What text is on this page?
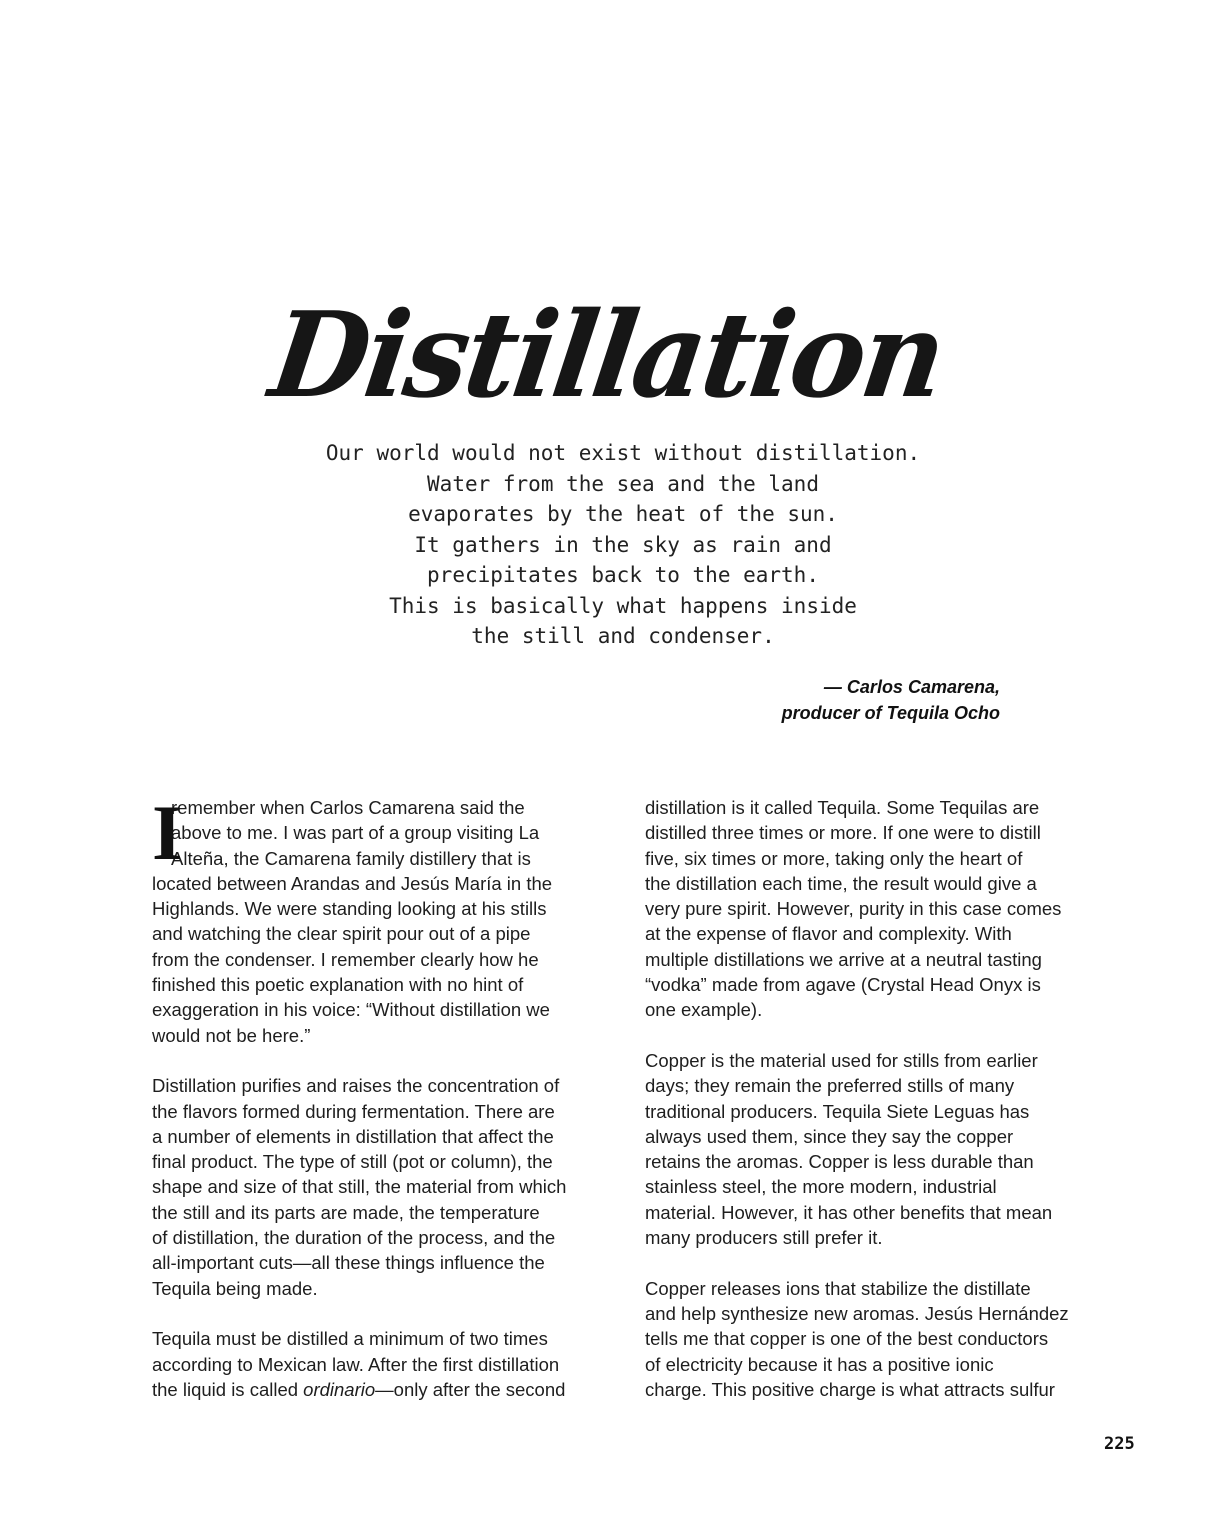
Distillation
Our world would not exist without distillation.
Water from the sea and the land
evaporates by the heat of the sun.
It gathers in the sky as rain and
precipitates back to the earth.
This is basically what happens inside
the still and condenser.
— Carlos Camarena,
producer of Tequila Ocho
I
remember when Carlos Camarena said the
above to me. I was part of a group visiting La
Alteña, the Camarena family distillery that is
located between Arandas and Jesús María in the
Highlands. We were standing looking at his stills
and watching the clear spirit pour out of a pipe
from the condenser. I remember clearly how he
finished this poetic explanation with no hint of
exaggeration in his voice: “Without distillation we
would not be here.”
Distillation purifies and raises the concentration of
the flavors formed during fermentation. There are
a number of elements in distillation that affect the
final product. The type of still (pot or column), the
shape and size of that still, the material from which
the still and its parts are made, the temperature
of distillation, the duration of the process, and the
all-important cuts—all these things influence the
Tequila being made.
Tequila must be distilled a minimum of two times
according to Mexican law. After the first distillation
the liquid is called ordinario—only after the second
distillation is it called Tequila. Some Tequilas are
distilled three times or more. If one were to distill
five, six times or more, taking only the heart of
the distillation each time, the result would give a
very pure spirit. However, purity in this case comes
at the expense of flavor and complexity. With
multiple distillations we arrive at a neutral tasting
“vodka” made from agave (Crystal Head Onyx is
one example).
Copper is the material used for stills from earlier
days; they remain the preferred stills of many
traditional producers. Tequila Siete Leguas has
always used them, since they say the copper
retains the aromas. Copper is less durable than
stainless steel, the more modern, industrial
material. However, it has other benefits that mean
many producers still prefer it.
Copper releases ions that stabilize the distillate
and help synthesize new aromas. Jesús Hernández
tells me that copper is one of the best conductors
of electricity because it has a positive ionic
charge. This positive charge is what attracts sulfur
225
